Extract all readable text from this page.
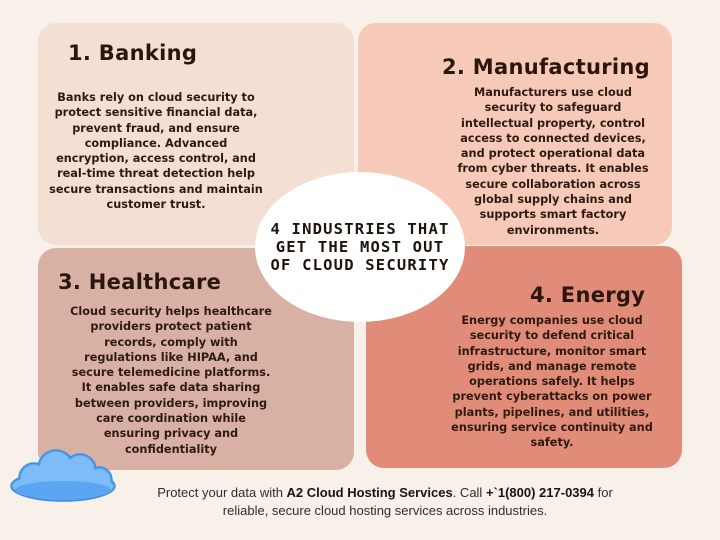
1. Banking
Banks rely on cloud security to protect sensitive financial data, prevent fraud, and ensure compliance. Advanced encryption, access control, and real-time threat detection help secure transactions and maintain customer trust.
2. Manufacturing
Manufacturers use cloud security to safeguard intellectual property, control access to connected devices, and protect operational data from cyber threats. It enables secure collaboration across global supply chains and supports smart factory environments.
3. Healthcare
Cloud security helps healthcare providers protect patient records, comply with regulations like HIPAA, and secure telemedicine platforms. It enables safe data sharing between providers, improving care coordination while ensuring privacy and confidentiality
4. Energy
Energy companies use cloud security to defend critical infrastructure, monitor smart grids, and manage remote operations safely. It helps prevent cyberattacks on power plants, pipelines, and utilities, ensuring service continuity and safety.
4 INDUSTRIES THAT GET THE MOST OUT OF CLOUD SECURITY
Protect your data with A2 Cloud Hosting Services. Call +`1(800) 217-0394 for reliable, secure cloud hosting services across industries.
